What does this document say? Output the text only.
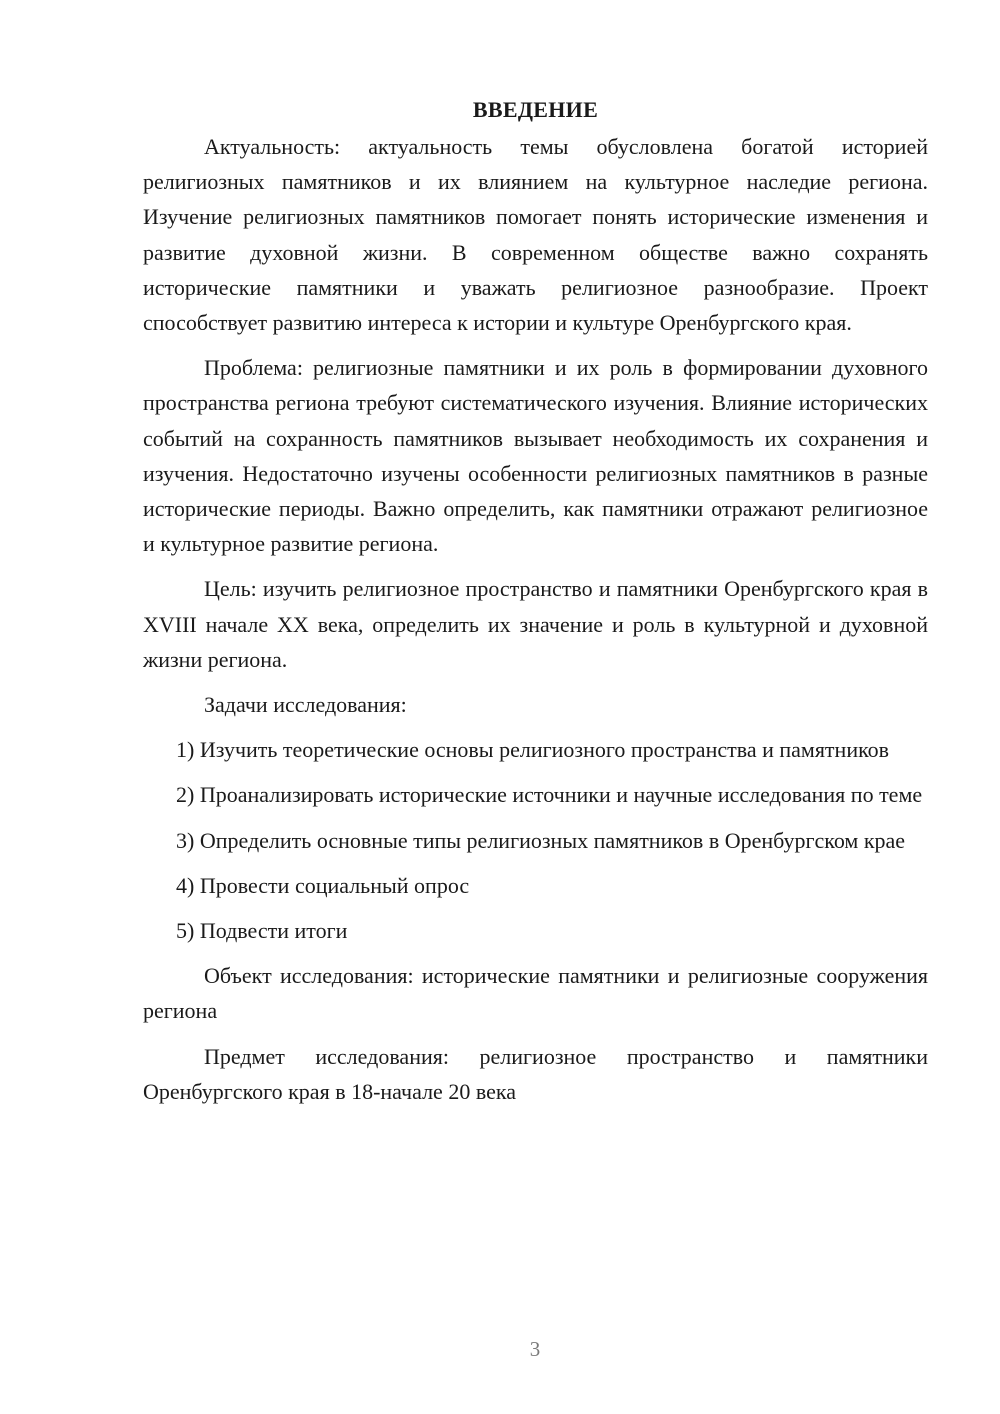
ВВЕДЕНИЕ

Актуальность: актуальность темы обусловлена богатой историей религиозных памятников и их влиянием на культурное наследие региона. Изучение религиозных памятников помогает понять исторические изменения и развитие духовной жизни. В современном обществе важно сохранять исторические памятники и уважать религиозное разнообразие. Проект способствует развитию интереса к истории и культуре Оренбургского края.

Проблема: религиозные памятники и их роль в формировании духовного пространства региона требуют систематического изучения. Влияние исторических событий на сохранность памятников вызывает необходимость их сохранения и изучения. Недостаточно изучены особенности религиозных памятников в разные исторические периоды. Важно определить, как памятники отражают религиозное и культурное развитие региона.

Цель: изучить религиозное пространство и памятники Оренбургского края в XVIII начале XX века, определить их значение и роль в культурной и духовной жизни региона.

Задачи исследования:

1) Изучить теоретические основы религиозного пространства и памятников

2) Проанализировать исторические источники и научные исследования по теме

3) Определить основные типы религиозных памятников в Оренбургском крае

4) Провести социальный опрос

5) Подвести итоги

Объект исследования: исторические памятники и религиозные сооружения региона

Предмет исследования: религиозное пространство и памятники Оренбургского края в 18-начале 20 века

3
